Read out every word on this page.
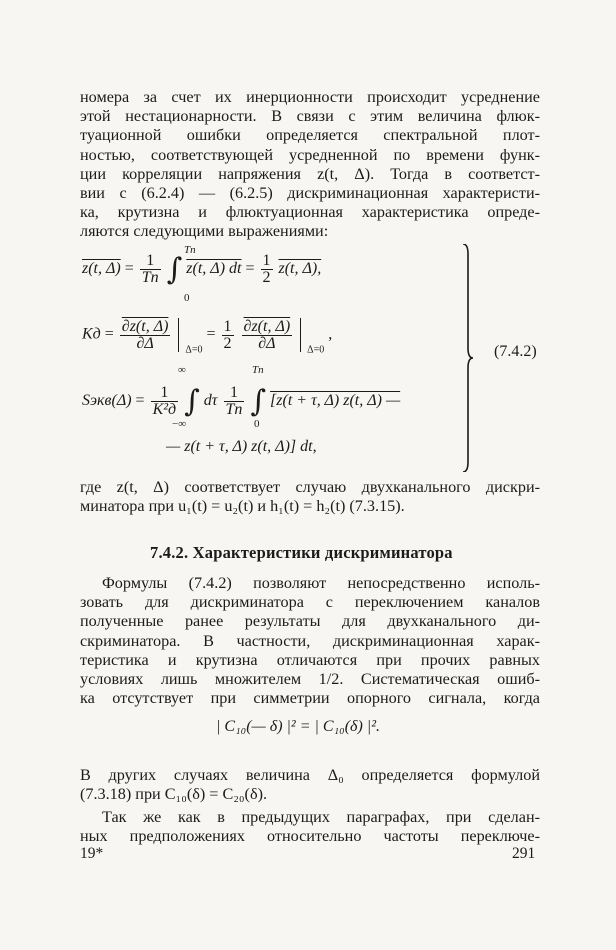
номера за счет их инерционности происходит усреднение
этой нестационарности. В связи с этим величина флюк-
туационной ошибки определяется спектральной плот-
ностью, соответствующей усредненной по времени функ-
ции корреляции напряжения z(t, Δ). Тогда в соответст-
вии с (6.2.4) — (6.2.5) дискриминационная характеристи-
ка, крутизна и флюктуационная характеристика опреде-
ляются следующими выражениями:
z(t, $\Delta) = \frac{1}{Tп}$ ∫ z(t, Δ) dt = $\frac{1}{2} z(t$, Δ),
Tп
0
Kд = $\frac{\partial z(t, \Delta)}{\partial\Delta} _{\Delta=0} = \frac{1}{2}$
$\frac{\partial z(t, \Delta)}{\partial\Delta} _{\Delta=0}$ ,
Sэкв(Δ) = $\frac{1}{\text{K²д}}$ ∫ dτ $\frac{1}{Tп}$ ∫ [z(t + τ, Δ) z(t, Δ) —
∞
−∞
Tп
0
— z(t + τ, Δ) z(t, Δ)] dt,
(7.4.2)
где z(t, Δ) соответствует случаю двухканального дискри-
минатора при u₁(t) = u₂(t) и h₁(t) = h₂(t) (7.3.15).
7.4.2. Характеристики дискриминатора
Формулы (7.4.2) позволяют непосредственно исполь-
зовать для дискриминатора с переключением каналов
полученные ранее результаты для двухканального ди-
скриминатора. В частности, дискриминационная харак-
теристика и крутизна отличаются при прочих равных
условиях лишь множителем 1/2. Систематическая ошиб-
ка отсутствует при симметрии опорного сигнала, когда
| C₁₀(— δ) |² = | C₁₀(δ) |².
В других случаях величина Δ₀ определяется формулой
(7.3.18) при C₁₀(δ) = C₂₀(δ).
Так же как в предыдущих параграфах, при сделан-
ных предположениях относительно частоты переключе-
19*	291
